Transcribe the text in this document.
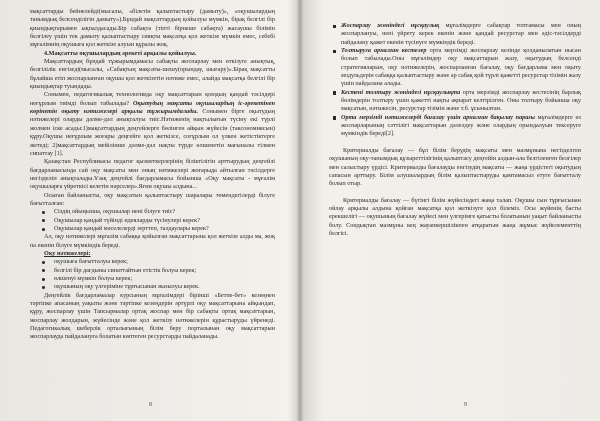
мақсаттарды бейнелейді(мысалы, «білетін қалыптастыру (дамыту)», «оқушылардың танымдық белсенділігін дамыту»).Бұндай мақсаттардың қойылуы мүмкін, бірақ белгілі бір қиындықтарымен ықпалдасады.Бір сабақта (тіпті бірнеше сабақта) жасаушы білімін белгілеу үшін тек дамыту қалыптастыру сияқты мақсатқа қол жеткізе мүмкін емес, себебі мұғалімнің оқушыға қол жеткізе алуын құралы жоқ.

4.Мақсатты оқушылардың әрекеті арқылы қойылуы.

Мақсаттардың бұндай тұжырымдамасы сабақты жоспарлау мен өткізуге анықтық, белгілілік енгізеді(мысалы, «Сабақтың мақсаты-шешу(орындау, шығару)».Бірақ мақсатты бұлайша етіп жоспарланған оқушы қол жеткізетін нәтиже емес, алайда мақсатқа белгілі бір қиындықтар туындады.

Сонымен, педагогикалық технологияда оқу мақсаттарын қоюдың қандай тәсілдері неғұрлым тиімді болып табылады? Оқытудың мақсаты оқушылардың іс-әрекетінен көрінетін оқыту нәтижелері арқылы тұжырымдалады. Сонымен бірге оқытудың нәтижелері оларды дәлме-дәл анықталуы тиіс.Нәтиженің нақтылығын түсіну екі түрлі жолмен іске асады:1)мақсаттардың деңгейлерге бөлінген айқын жүйесін (таксономиясын) құру.Оқушы неғұрлым жоғары деңгейге қол жеткізсе, соғұрлым ол үлкен жетістіктерге жетеді; 2)мақсаттардың мейілінше дәлме-дәл нақты түрде өлшенетін мағыналы тілмен сипаттау [1].

Қазақстан Республикасы педагог қызметкерлерінің біліктілігін арттырудың деңгейлі бағдарламасында сай оқу мақсаты мен оның нәтижелері жоғарыда айтылған тәсілдерге негізделіп анықталады.Ұзақ деңгейлі бағдарламасы бойынша «Оқу мақсаты - мұғалім оқушыларға үйреткісі келетін нәрселер».Яғни оқушы алдына...

Осыған байланысты, оқу мақсатын қалыптастыру шаралары төмендегілерді білуге бағытталған:

Сіздің ойыңызша, оқушылар нені білуге тиіс?
Оқушылар қандай түйінді идеяларды түсінулері керек?
Оқушылар қандай мәселелерді зерттеп, талдаулары керек?

Ал, оқу нәтижелері мұғалім сабаққа қойылған мақсаттарына қол жеткізе алды ма, жоқ па екенін білуге мүмкіндік береді.

Оқу нәтижелері:

оқушыға бағытталуы керек;
белгілі бір дағдыны сипаттайтын етістік болуы керек;
өлшенуі мүмкін болуы керек;
оқушының оқу үлгеріміне тұрғысынан жазылуы керек.

Деңгейлік бағдарламалар курсының мұғалімдері бірінші «Бетпе-бет» кезеңнен тәртіпке апасаның уақыты және тәртіпке кезеңдерін әртүрлі оқу мақсаттарына айқындап, құру, жоспарлау үшін Тапсырмалар ортақ жоспар мен бір сабақты ортақ мақсаттарын, жоспарлау жолдарын, жүйесінде және қол жеткізу нәтижелерін құрастыруды үйренеді. Педагогикалық шеберлік орталығының білім беру порталынан оқу мақсаттарын жоспарлауда пайдалануға болатын көптеген ресурстарды пайдаланады.

8
Жоспарлау жөніндегі нұсқаулық мұғалімдерге сабақтар топтамасы мен оның жоспарлануы, нені үйрету керек екенін және қандай ресурстар мен әдіс-тәсілдерді пайдалану қажет екенін түсінуге мүмкіндік береді.
Толтыруға арналған кестелер орта мерзімді жоспарлау кезінде қолданылатын нысан болып табылады.Оны мұғалімдер оқу мақсаттарын жазу, оқытудың белсенді стратегияларын, оқу нәтижелерін, жоспарланған бағалау, оқу бағдарлама мен оқыту модульдерін сабаққа қалыптастыру жəне ар сабақ қой түрлі қажетті ресурстар тізімін жазу үшін пайдалана алады.
Кестені толтыру жөніндегі нұсқаулықта орта мерзімді жоспарлау кестесінің барлық бөлімдерін толтыру үшін қажетті нақты ақпарат келтірілген. Оны толтыру бойынша оқу мақсатын, нәтижесін, ресурстар тізімін және т.б. ұсынылған.
Орта мерзімді нәтижелерді бағалау үшін арналған бақылау парағы мұғалімдерге өз жоспарларының сәттілігі мақсаттарын дәлелдеу және олардың орындалуын тексеруге мүмкіндік береді[2].

Критериалды бағалау — бұл білім берудің мақсаты мен мазмұнына негізделген оқушының оқу-танымдық құзыреттілігінің қалыптасу деңгейін алдын-ала белгіленген белгілер мен салыстыру үрдісі. Критериалды бағалауды енгізудің мақсаты — жаңа үрдістегі оқытудың сапасын арттыру. Білім алушылардың білім қалыптастыруды қамтамасыз етуге бағытталу болып отыр.

Критериалды бағалау — бүгінгі білім жүйесіндегі жаңа талап. Оқушы сын тұрғысынан ойлау арқылы алдына қойған мақсатқа қол жеткізуге қол білеміз. Осы жүйенің басты ерекшелігі — оқушының бағалау жүйесі мен үлгерімге қатысты болатынын уақыт байланысты болу. Сондықтан мазмұны кең жауапкершілікпен атқаратын жаңа жұмыс жүйелементтің белгісі.

9
